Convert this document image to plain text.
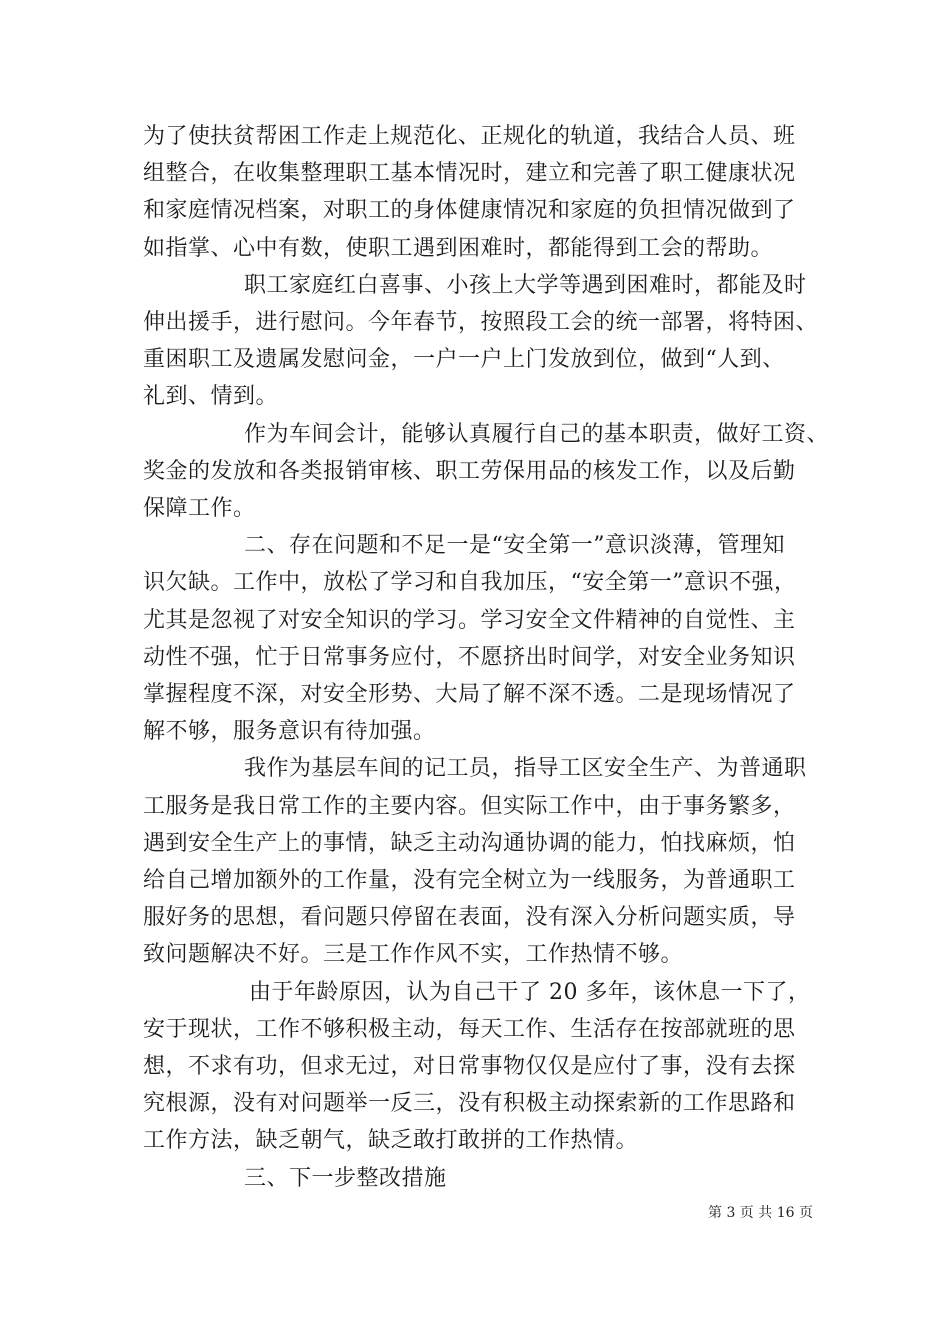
为了使扶贫帮困工作走上规范化、正规化的轨道，我结合人员、班
组整合，在收集整理职工基本情况时，建立和完善了职工健康状况
和家庭情况档案，对职工的身体健康情况和家庭的负担情况做到了
如指掌、心中有数，使职工遇到困难时，都能得到工会的帮助。

职工家庭红白喜事、小孩上大学等遇到困难时，都能及时
伸出援手，进行慰问。今年春节，按照段工会的统一部署，将特困、
重困职工及遗属发慰问金，一户一户上门发放到位，做到“人到、
礼到、情到。

作为车间会计，能够认真履行自己的基本职责，做好工资、
奖金的发放和各类报销审核、职工劳保用品的核发工作，以及后勤
保障工作。

二、存在问题和不足一是“安全第一”意识淡薄，管理知
识欠缺。工作中，放松了学习和自我加压，“安全第一”意识不强，
尤其是忽视了对安全知识的学习。学习安全文件精神的自觉性、主
动性不强，忙于日常事务应付，不愿挤出时间学，对安全业务知识
掌握程度不深，对安全形势、大局了解不深不透。二是现场情况了
解不够，服务意识有待加强。

我作为基层车间的记工员，指导工区安全生产、为普通职
工服务是我日常工作的主要内容。但实际工作中，由于事务繁多，
遇到安全生产上的事情，缺乏主动沟通协调的能力，怕找麻烦，怕
给自己增加额外的工作量，没有完全树立为一线服务，为普通职工
服好务的思想，看问题只停留在表面，没有深入分析问题实质，导
致问题解决不好。三是工作作风不实，工作热情不够。

由于年龄原因，认为自己干了 20 多年，该休息一下了，
安于现状，工作不够积极主动，每天工作、生活存在按部就班的思
想，不求有功，但求无过，对日常事物仅仅是应付了事，没有去探
究根源，没有对问题举一反三，没有积极主动探索新的工作思路和
工作方法，缺乏朝气，缺乏敢打敢拼的工作热情。

三、下一步整改措施

第 3 页 共 16 页
